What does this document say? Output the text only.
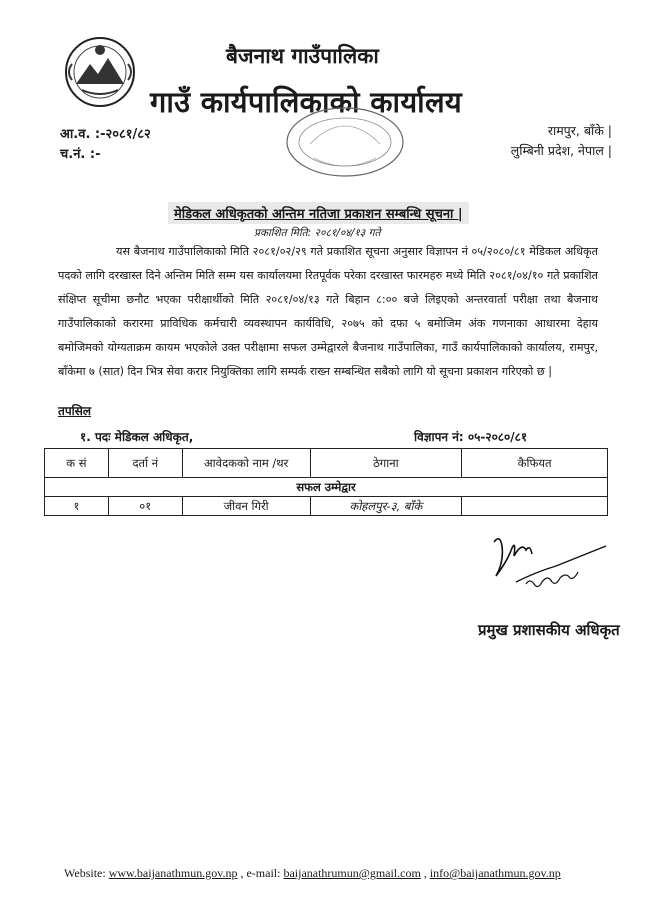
बैजनाथ गाउँपालिका
गाउँ कार्यपालिकाको कार्यालय
आ.व. :-२०८१/८२
च.नं. :-
रामपुर, बाँके |
लुम्बिनी प्रदेश, नेपाल |
मेडिकल अधिकृतको अन्तिम नतिजा प्रकाशन सम्बन्धि सूचना |
प्रकाशित मिति: २०८१/०४/१३ गते
यस बैजनाथ गाउँपालिकाको मिति २०८१/०२/२९ गते प्रकाशित सूचना अनुसार विज्ञापन नं ०५/२०८०/८१ मेडिकल अधिकृत पदको लागि दरखास्त दिने अन्तिम मिति सम्म यस कार्यालयमा रितपूर्वक परेका दरखास्त फारमहरु मध्ये मिति २०८१/०४/१० गते प्रकाशित संक्षिप्त सूचीमा छनौट भएका परीक्षार्थीको मिति २०८१/०४/१३ गते बिहान ८:०० बजे लिइएको अन्तरवार्ता परीक्षा तथा बैजनाथ गाउँपालिकाको करारमा प्राविधिक कर्मचारी व्यवस्थापन कार्यविधि, २०७५ को दफा ५ बमोजिम अंक गणनाका आधारमा देहाय बमोजिमको योग्यताक्रम कायम भएकोले उक्त परीक्षामा सफल उम्मेद्वारले बैजनाथ गाउँपालिका, गाउँ कार्यपालिकाको कार्यालय, रामपुर, बाँकेमा ७ (सात) दिन भित्र सेवा करार नियुक्तिका लागि सम्पर्क राख्न सम्बन्धित सबैको लागि यो सूचना प्रकाशन गरिएको छ |
तपसिल
१. पदः मेडिकल अधिकृत,	विज्ञापन नं: ०५-२०८०/८१
क सं	दर्ता नं	आवेदकको नाम /थर	ठेगाना	कैफियत
सफल उम्मेद्वार				
१	०१	जीवन गिरी	कोहलपुर-३, बाँके	
प्रमुख प्रशासकीय अधिकृत
Website: www.baijanathmun.gov.np , e-mail: baijanathrumun@gmail.com , info@baijanathmun.gov.np
